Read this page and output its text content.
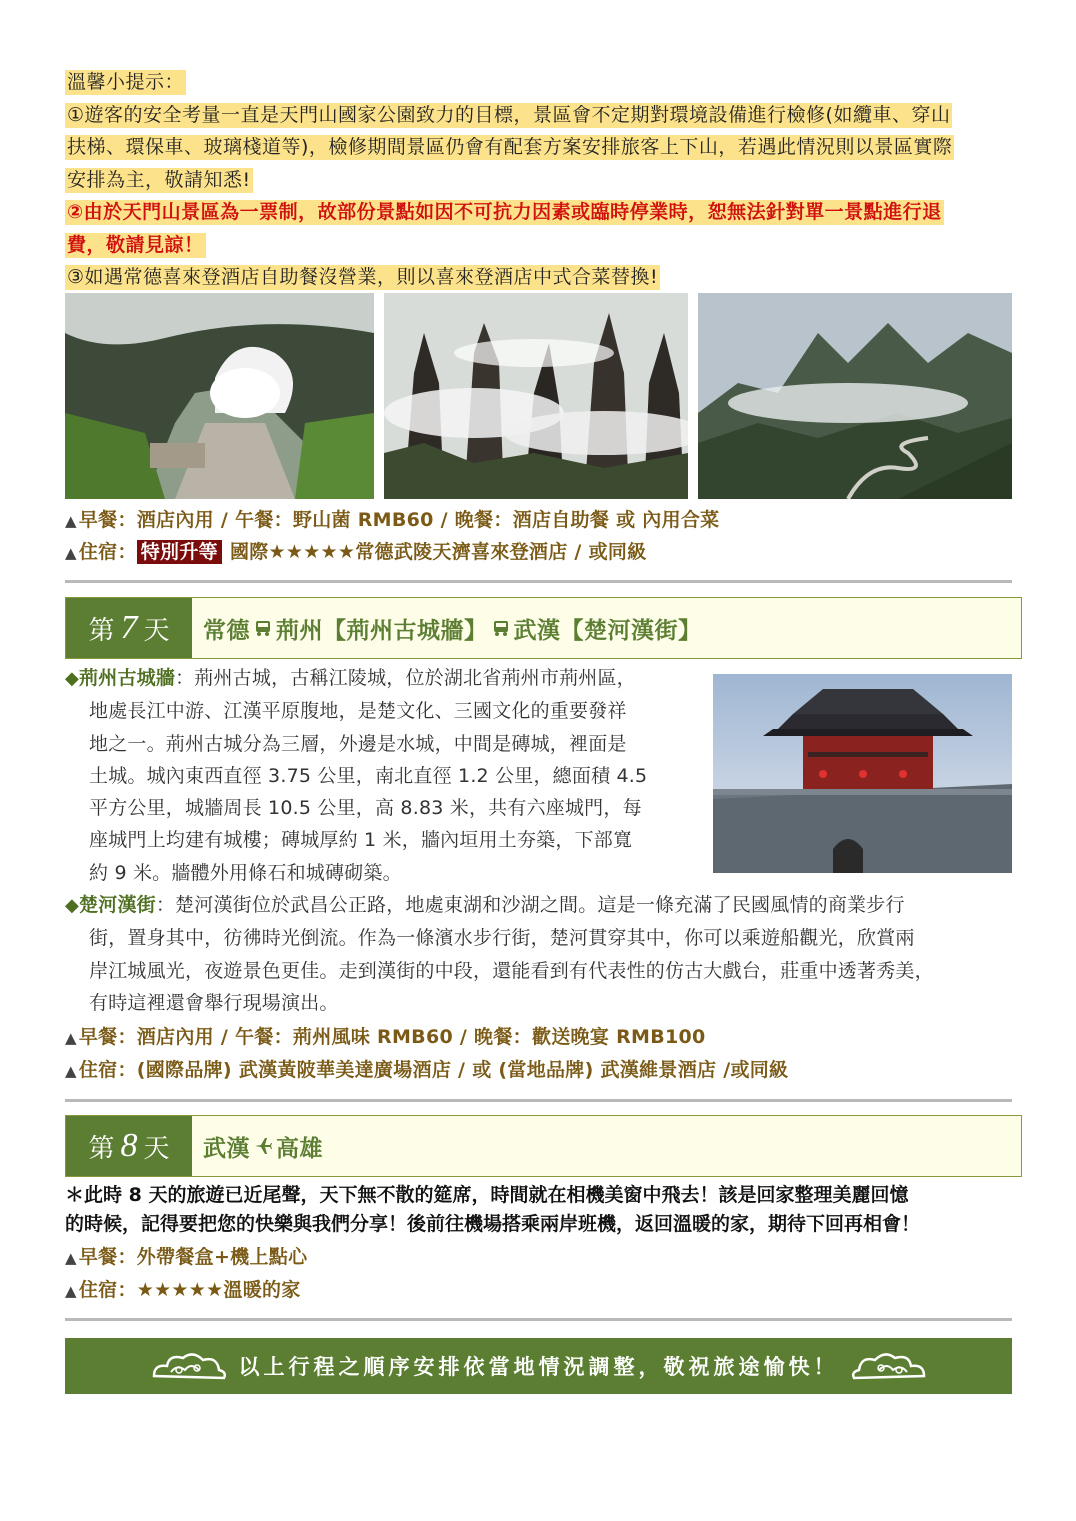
溫馨小提示：
①遊客的安全考量一直是天門山國家公園致力的目標，景區會不定期對環境設備進行檢修(如纜車、穿山
扶梯、環保車、玻璃棧道等)，檢修期間景區仍會有配套方案安排旅客上下山，若遇此情況則以景區實際
安排為主，敬請知悉!
②由於天門山景區為一票制，故部份景點如因不可抗力因素或臨時停業時，恕無法針對單一景點進行退
費，敬請見諒！
③如遇常德喜來登酒店自助餐沒營業，則以喜來登酒店中式合菜替換!
▲ 早餐：酒店內用 / 午餐：野山菌 RMB60 / 晚餐：酒店自助餐 或 內用合菜
▲ 住宿： 特別升等 國際★★★★★常德武陵天濟喜來登酒店 / 或同級
第 7 天 常德 荊州【荊州古城牆】 武漢【楚河漢街】
◆荊州古城牆：荊州古城，古稱江陵城，位於湖北省荊州市荊州區，
地處長江中游、江漢平原腹地，是楚文化、三國文化的重要發祥
地之一。荊州古城分為三層，外邊是水城，中間是磚城，裡面是
土城。城內東西直徑 3.75 公里，南北直徑 1.2 公里，總面積 4.5
平方公里，城牆周長 10.5 公里，高 8.83 米，共有六座城門，每
座城門上均建有城樓；磚城厚約 1 米，牆內垣用土夯築，下部寬
約 9 米。牆體外用條石和城磚砌築。
◆楚河漢街：楚河漢街位於武昌公正路，地處東湖和沙湖之間。這是一條充滿了民國風情的商業步行
街，置身其中，彷彿時光倒流。作為一條濱水步行街，楚河貫穿其中，你可以乘遊船觀光，欣賞兩
岸江城風光，夜遊景色更佳。走到漢街的中段，還能看到有代表性的仿古大戲台，莊重中透著秀美，
有時這裡還會舉行現場演出。
▲ 早餐：酒店內用 / 午餐：荊州風味 RMB60 / 晚餐：歡送晚宴 RMB100
▲ 住宿：(國際品牌) 武漢黃陂華美達廣場酒店 / 或 (當地品牌) 武漢維景酒店 /或同級
第 8 天 武漢 高雄
＊此時 8 天的旅遊已近尾聲，天下無不散的筵席，時間就在相機美窗中飛去！該是回家整理美麗回憶
的時候，記得要把您的快樂與我們分享！後前往機場搭乘兩岸班機，返回溫暖的家，期待下回再相會！
▲ 早餐：外帶餐盒+機上點心
▲ 住宿：★★★★★溫暖的家
以上行程之順序安排依當地情況調整，敬祝旅途愉快！
